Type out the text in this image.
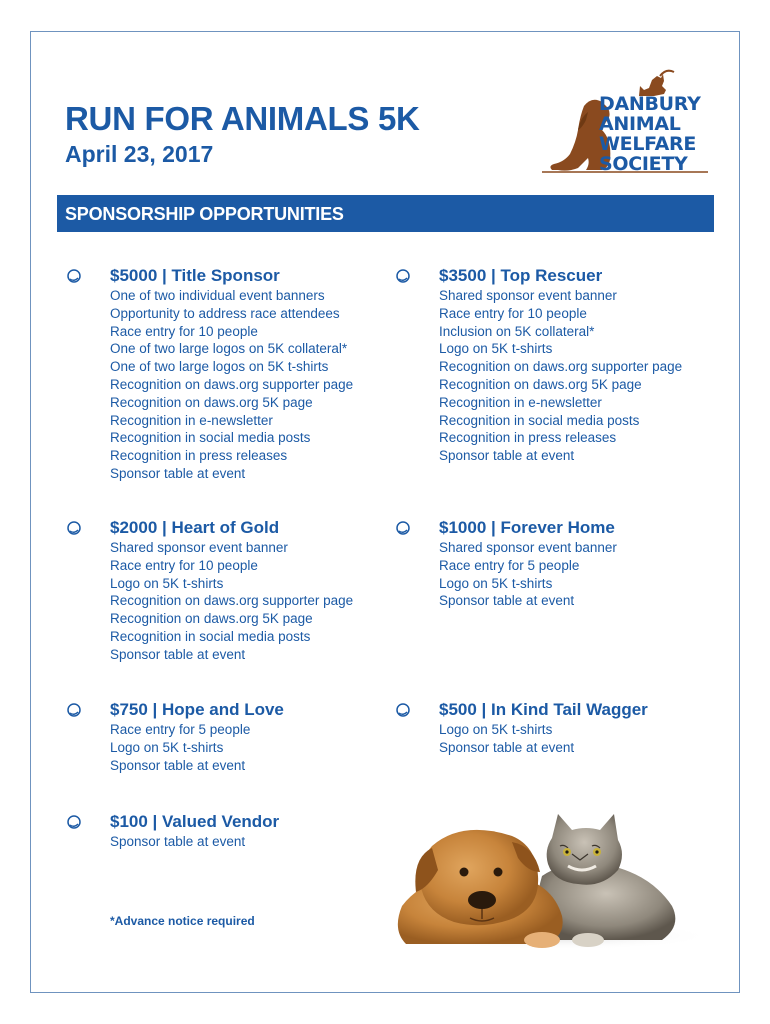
RUN FOR ANIMALS 5K
April 23, 2017
DANBURY
ANIMAL
WELFARE
SOCIETY
SPONSORSHIP OPPORTUNITIES
$5000 | Title Sponsor
One of two individual event banners
Opportunity to address race attendees
Race entry for 10 people
One of two large logos on 5K collateral*
One of two large logos on 5K t-shirts
Recognition on daws.org supporter page
Recognition on daws.org 5K page
Recognition in e-newsletter
Recognition in social media posts
Recognition in press releases
Sponsor table at event
$3500 | Top Rescuer
Shared sponsor event banner
Race entry for 10 people
Inclusion on 5K collateral*
Logo on 5K t-shirts
Recognition on daws.org supporter page
Recognition on daws.org 5K page
Recognition in e-newsletter
Recognition in social media posts
Recognition in press releases
Sponsor table at event
$2000 | Heart of Gold
Shared sponsor event banner
Race entry for 10 people
Logo on 5K t-shirts
Recognition on daws.org supporter page
Recognition on daws.org 5K page
Recognition in social media posts
Sponsor table at event
$1000 | Forever Home
Shared sponsor event banner
Race entry for 5 people
Logo on 5K t-shirts
Sponsor table at event
$750 | Hope and Love
Race entry for 5 people
Logo on 5K t-shirts
Sponsor table at event
$500 | In Kind Tail Wagger
Logo on 5K t-shirts
Sponsor table at event
$100 | Valued Vendor
Sponsor table at event
*Advance notice required
